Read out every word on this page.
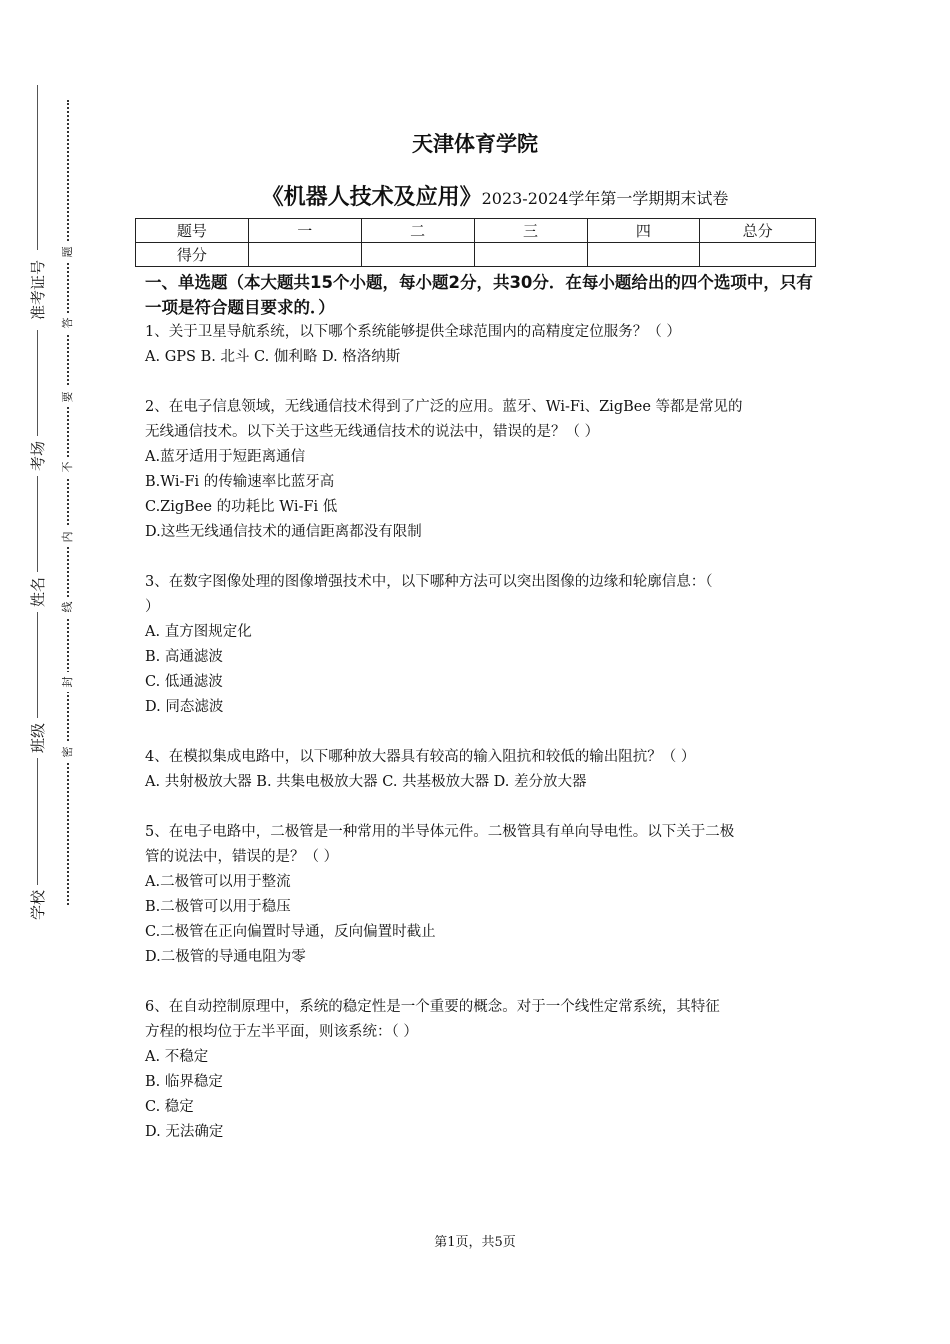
学校
班级
姓名
考场
准考证号
密
封
线
内
不
要
答
题
天津体育学院
《机器人技术及应用》2023-2024学年第一学期期末试卷
题号	一	二	三	四	总分
得分					
一、单选题（本大题共15个小题，每小题2分，共30分．在每小题给出的四个选项中，只有一项是符合题目要求的．）
1、关于卫星导航系统，以下哪个系统能够提供全球范围内的高精度定位服务？（ ）
A. GPS B. 北斗 C. 伽利略 D. 格洛纳斯
2、在电子信息领域，无线通信技术得到了广泛的应用。蓝牙、Wi-Fi、ZigBee 等都是常见的
无线通信技术。以下关于这些无线通信技术的说法中，错误的是？（ ）
A.蓝牙适用于短距离通信
B.Wi-Fi 的传输速率比蓝牙高
C.ZigBee 的功耗比 Wi-Fi 低
D.这些无线通信技术的通信距离都没有限制
3、在数字图像处理的图像增强技术中，以下哪种方法可以突出图像的边缘和轮廓信息：（
）
A. 直方图规定化
B. 高通滤波
C. 低通滤波
D. 同态滤波
4、在模拟集成电路中，以下哪种放大器具有较高的输入阻抗和较低的输出阻抗？（ ）
A. 共射极放大器 B. 共集电极放大器 C. 共基极放大器 D. 差分放大器
5、在电子电路中，二极管是一种常用的半导体元件。二极管具有单向导电性。以下关于二极
管的说法中，错误的是？（ ）
A.二极管可以用于整流
B.二极管可以用于稳压
C.二极管在正向偏置时导通，反向偏置时截止
D.二极管的导通电阻为零
6、在自动控制原理中，系统的稳定性是一个重要的概念。对于一个线性定常系统，其特征
方程的根均位于左半平面，则该系统：（ ）
A. 不稳定
B. 临界稳定
C. 稳定
D. 无法确定
第1页，共5页
